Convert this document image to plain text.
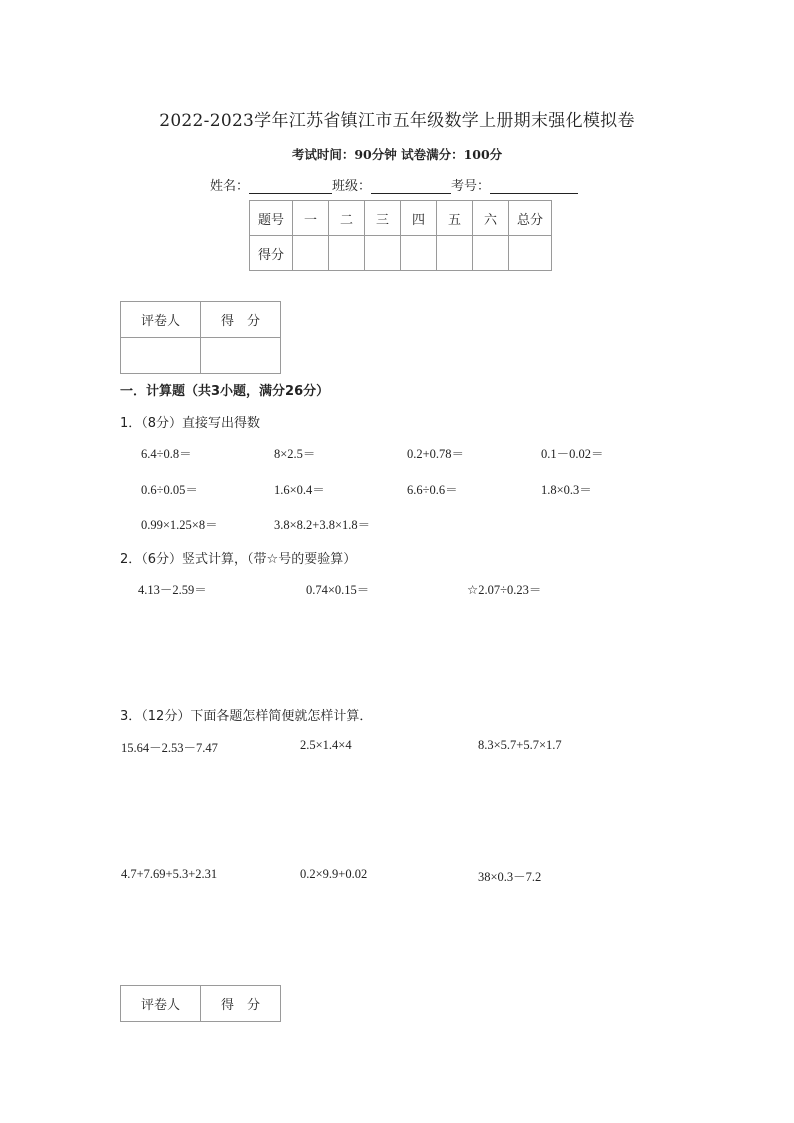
2022-2023学年江苏省镇江市五年级数学上册期末强化模拟卷
考试时间：90分钟 试卷满分：100分
姓名：	班级：	考号：
题号	一	二	三	四	五	六	总分
得分							
评卷人	得　分

一．计算题（共3小题，满分26分）
1．（8分）直接写出得数
6.4÷0.8＝	8×2.5＝	0.2+0.78＝	0.1－0.02＝
0.6÷0.05＝	1.6×0.4＝	6.6÷0.6＝	1.8×0.3＝
0.99×1.25×8＝	3.8×8.2+3.8×1.8＝
2．（6分）竖式计算，（带☆号的要验算）
4.13－2.59＝	0.74×0.15＝	☆2.07÷0.23＝
3．（12分）下面各题怎样简便就怎样计算．
15.64－2.53－7.47	2.5×1.4×4	8.3×5.7+5.7×1.7
4.7+7.69+5.3+2.31	0.2×9.9+0.02	38×0.3－7.2
评卷人	得　分
